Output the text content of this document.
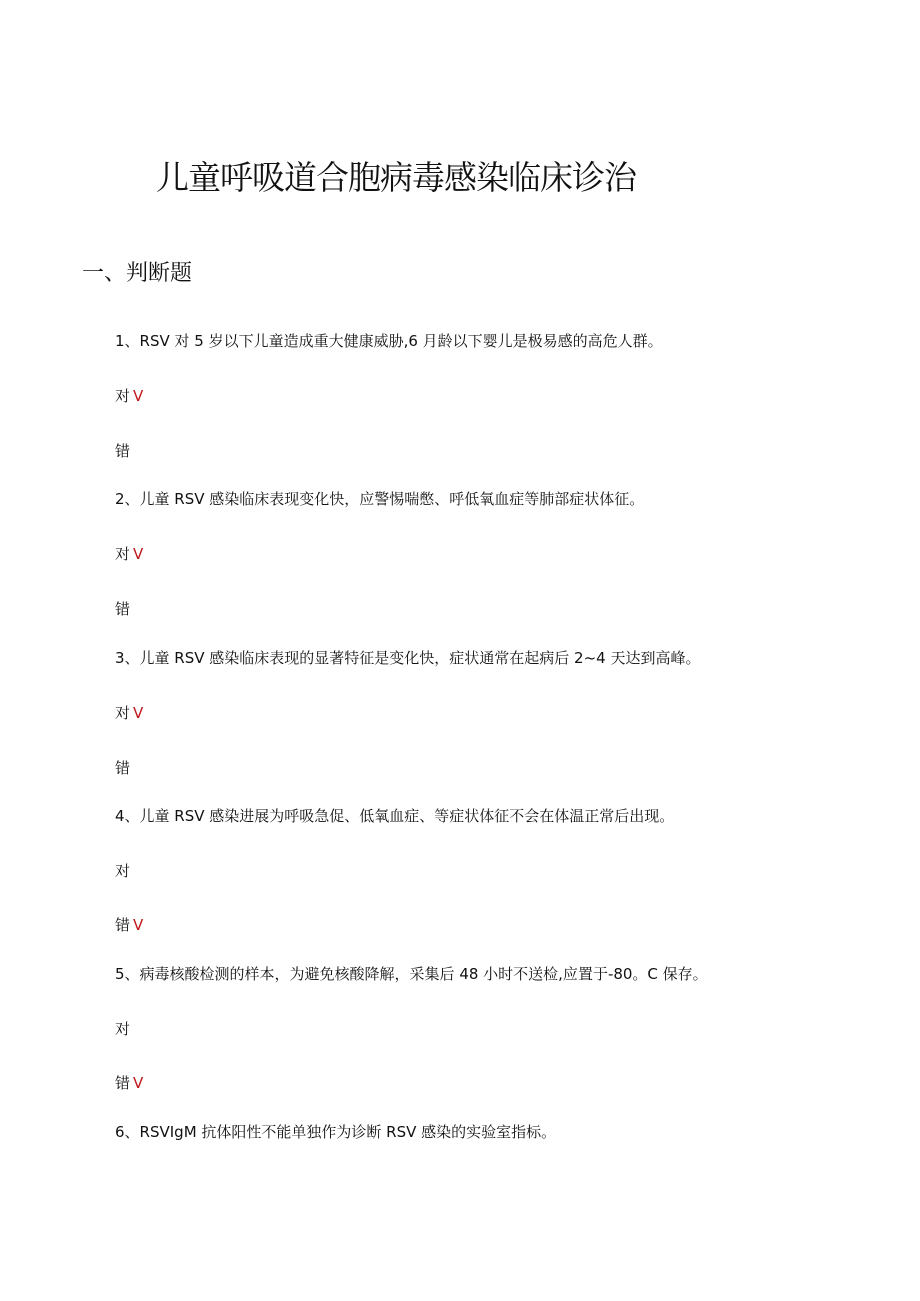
儿童呼吸道合胞病毒感染临床诊治
一、判断题
1、RSV 对 5 岁以下儿童造成重大健康威胁,6 月龄以下婴儿是极易感的高危人群。
对 V
错
2、儿童 RSV 感染临床表现变化快，应警惕喘憋、呼低氧血症等肺部症状体征。
对 V
错
3、儿童 RSV 感染临床表现的显著特征是变化快，症状通常在起病后 2~4 天达到高峰。
对 V
错
4、儿童 RSV 感染进展为呼吸急促、低氧血症、等症状体征不会在体温正常后出现。
对
错 V
5、病毒核酸检测的样本，为避免核酸降解，采集后 48 小时不送检,应置于-80。C 保存。
对
错 V
6、RSVIgM 抗体阳性不能单独作为诊断 RSV 感染的实验室指标。
